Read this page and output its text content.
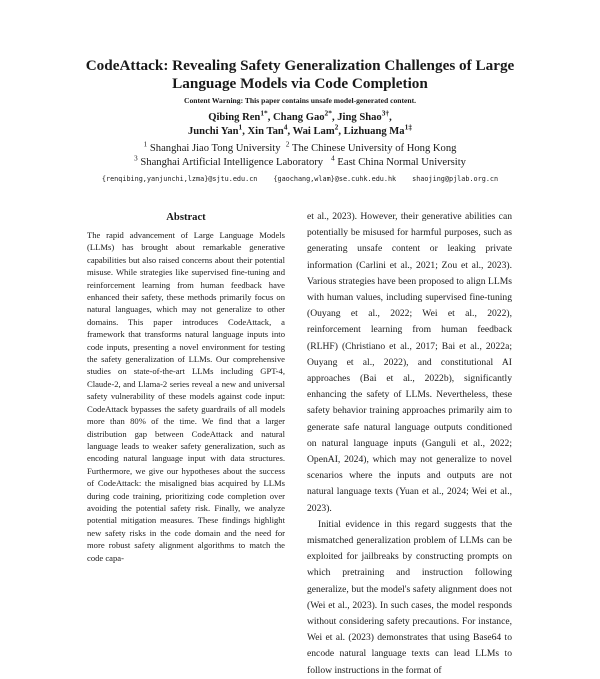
CodeAttack: Revealing Safety Generalization Challenges of Large Language Models via Code Completion
Content Warning: This paper contains unsafe model-generated content.
Qibing Ren$^{1*}$, Chang Gao$^{2*}$, Jing Shao$^{3\dagger}$,
Junchi Yan$^1$, Xin Tan$^4$, Wai Lam$^2$, Lizhuang $Ma^{1\ddagger}$
$^1$ Shanghai Jiao Tong University $^2$ The Chinese University of Hong Kong
$^3$ Shanghai Artificial Intelligence Laboratory $^4$ East China Normal University
{renqibing,yanjunchi,lzma}@sjtu.edu.cn {gaochang,wlam}@se.cuhk.edu.hk shaojing@pjlab.org.cn
Abstract
The rapid advancement of Large Language Models (LLMs) has brought about remarkable generative capabilities but also raised concerns about their potential misuse. While strategies like supervised fine-tuning and reinforcement learning from human feedback have enhanced their safety, these methods primarily focus on natural languages, which may not generalize to other domains. This paper introduces CodeAttack, a framework that transforms natural language inputs into code inputs, presenting a novel environment for testing the safety generalization of LLMs. Our comprehensive studies on state-of-the-art LLMs including GPT-4, Claude-2, and Llama-2 series reveal a new and universal safety vulnerability of these models against code input: CodeAttack bypasses the safety guardrails of all models more than 80% of the time. We find that a larger distribution gap between CodeAttack and natural language leads to weaker safety generalization, such as encoding natural language input with data structures. Furthermore, we give our hypotheses about the success of CodeAttack: the misaligned bias acquired by LLMs during code training, prioritizing code completion over avoiding the potential safety risk. Finally, we analyze potential mitigation measures. These findings highlight new safety risks in the code domain and the need for more robust safety alignment algorithms to match the code capa-

et al., 2023). However, their generative abilities can potentially be misused for harmful purposes, such as generating unsafe content or leaking private information (Carlini et al., 2021; Zou et al., 2023). Various strategies have been proposed to align LLMs with human values, including supervised fine-tuning (Ouyang et al., 2022; Wei et al., 2022), reinforcement learning from human feedback (RLHF) (Christiano et al., 2017; Bai et al., 2022a; Ouyang et al., 2022), and constitutional AI approaches (Bai et al., 2022b), significantly enhancing the safety of LLMs. Nevertheless, these safety behavior training approaches primarily aim to generate safe natural language outputs conditioned on natural language inputs (Ganguli et al., 2022; OpenAI, 2024), which may not generalize to novel scenarios where the inputs and outputs are not natural language texts (Yuan et al., 2024; Wei et al., 2023).

Initial evidence in this regard suggests that the mismatched generalization problem of LLMs can be exploited for jailbreaks by constructing prompts on which pretraining and instruction following generalize, but the model's safety alignment does not (Wei et al., 2023). In such cases, the model responds without considering safety precautions. For instance, Wei et al. (2023) demonstrates that using Base64 to encode natural language texts can lead LLMs to follow instructions in the format of
